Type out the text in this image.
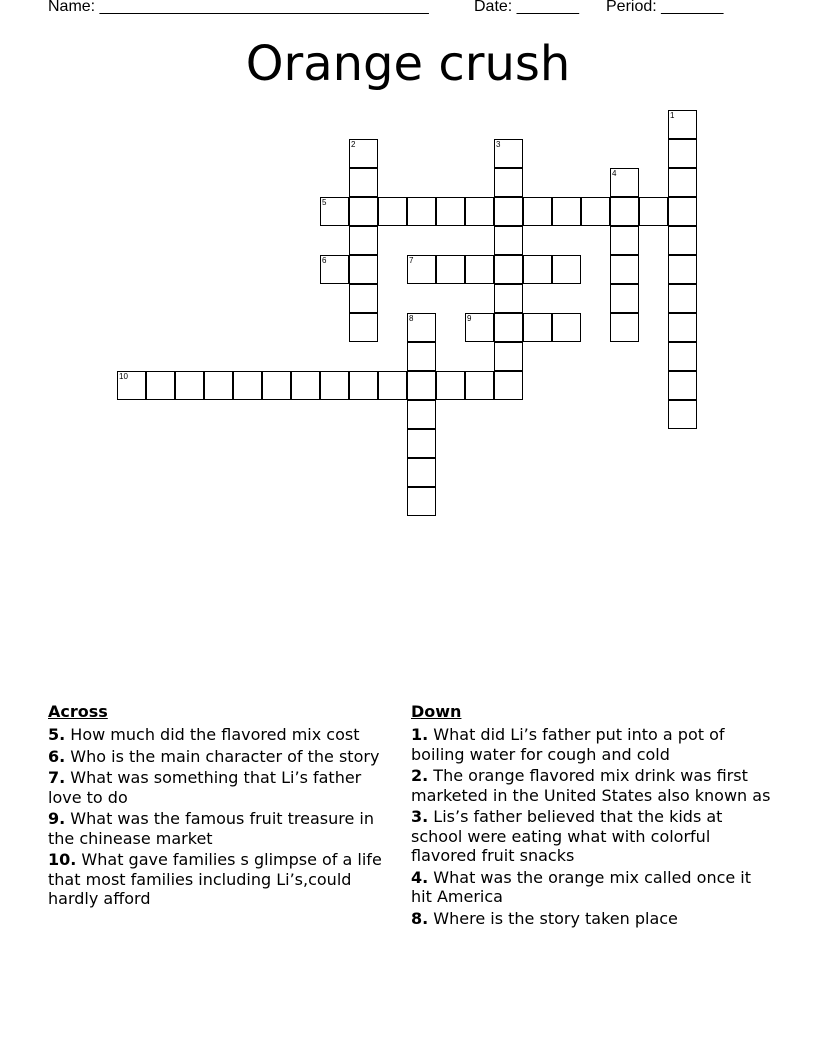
Name: _____________________________________	Date: _______ Period: _______
Orange crush
1
2	3
4
5
6	7
8	9
10
Across
5. How much did the flavored mix cost
6. Who is the main character of the story
7. What was something that Li’s father love to do
9. What was the famous fruit treasure in the chinease market
10. What gave families s glimpse of a life that most families including Li’s,could hardly afford
Down
1. What did Li’s father put into a pot of boiling water for cough and cold
2. The orange flavored mix drink was first marketed in the United States also known as
3. Lis’s father believed that the kids at school were eating what with colorful flavored fruit snacks
4. What was the orange mix called once it hit America
8. Where is the story taken place
